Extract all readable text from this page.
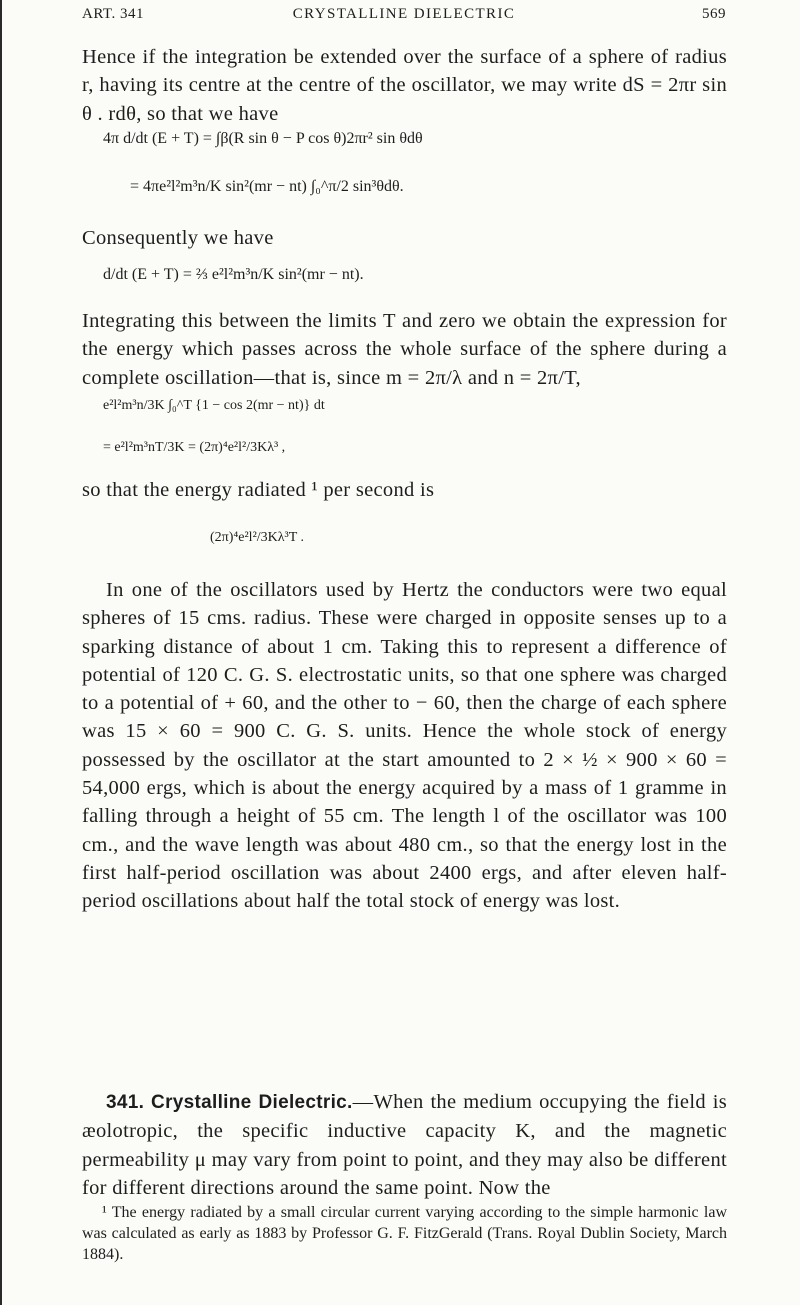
ART. 341	CRYSTALLINE DIELECTRIC	569
Hence if the integration be extended over the surface of a sphere of radius r, having its centre at the centre of the oscillator, we may write dS = 2πr sin θ . rdθ, so that we have
4π d/dt (E + T) = ∫β(R sin θ − P cos θ)2πr² sin θdθ
= 4πe²l²m³n/K sin²(mr − nt) ∫₀^π/2 sin³θdθ.
Consequently we have
d/dt (E + T) = ⅔ e²l²m³n/K sin²(mr − nt).
Integrating this between the limits T and zero we obtain the expression for the energy which passes across the whole surface of the sphere during a complete oscillation—that is, since m = 2π/λ and n = 2π/T,
e²l²m³n/3K ∫₀^T {1 − cos 2(mr − nt)} dt
= e²l²m³nT/3K = (2π)⁴e²l²/3Kλ³ ,
so that the energy radiated ¹ per second is
(2π)⁴e²l²/3Kλ³T .
In one of the oscillators used by Hertz the conductors were two equal spheres of 15 cms. radius. These were charged in opposite senses up to a sparking distance of about 1 cm. Taking this to represent a difference of potential of 120 C. G. S. electrostatic units, so that one sphere was charged to a potential of + 60, and the other to − 60, then the charge of each sphere was 15 × 60 = 900 C. G. S. units. Hence the whole stock of energy possessed by the oscillator at the start amounted to 2 × ½ × 900 × 60 = 54,000 ergs, which is about the energy acquired by a mass of 1 gramme in falling through a height of 55 cm. The length l of the oscillator was 100 cm., and the wave length was about 480 cm., so that the energy lost in the first half-period oscillation was about 2400 ergs, and after eleven half-period oscillations about half the total stock of energy was lost.
341. Crystalline Dielectric.—When the medium occupying the field is æolotropic, the specific inductive capacity K, and the magnetic permeability μ may vary from point to point, and they may also be different for different directions around the same point. Now the
¹ The energy radiated by a small circular current varying according to the simple harmonic law was calculated as early as 1883 by Professor G. F. FitzGerald (Trans. Royal Dublin Society, March 1884).
